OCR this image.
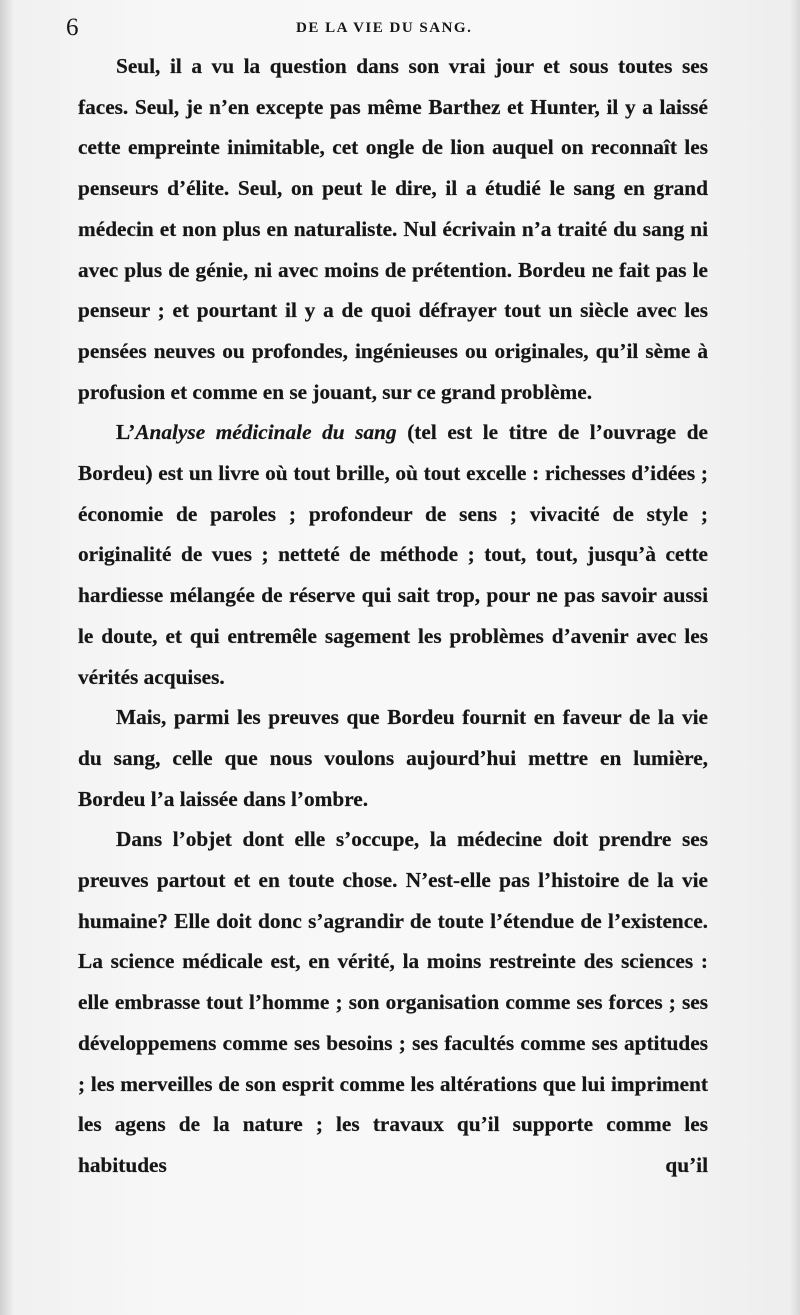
6	DE LA VIE DU SANG.

Seul, il a vu la question dans son vrai jour et sous toutes ses faces. Seul, je n’en excepte pas même Barthez et Hunter, il y a laissé cette empreinte inimitable, cet ongle de lion auquel on reconnaît les penseurs d’élite. Seul, on peut le dire, il a étudié le sang en grand médecin et non plus en naturaliste. Nul écrivain n’a traité du sang ni avec plus de génie, ni avec moins de prétention. Bordeu ne fait pas le penseur ; et pourtant il y a de quoi défrayer tout un siècle avec les pensées neuves ou profondes, ingénieuses ou originales, qu’il sème à profusion et comme en se jouant, sur ce grand problème.

L’Analyse médicinale du sang (tel est le titre de l’ouvrage de Bordeu) est un livre où tout brille, où tout excelle : richesses d’idées ; économie de paroles ; profondeur de sens ; vivacité de style ; originalité de vues ; netteté de méthode ; tout, tout, jusqu’à cette hardiesse mélangée de réserve qui sait trop, pour ne pas savoir aussi le doute, et qui entremêle sagement les problèmes d’avenir avec les vérités acquises.

Mais, parmi les preuves que Bordeu fournit en faveur de la vie du sang, celle que nous voulons aujourd’hui mettre en lumière, Bordeu l’a laissée dans l’ombre.

Dans l’objet dont elle s’occupe, la médecine doit prendre ses preuves partout et en toute chose. N’est-elle pas l’histoire de la vie humaine? Elle doit donc s’agrandir de toute l’étendue de l’existence. La science médicale est, en vérité, la moins restreinte des sciences : elle embrasse tout l’homme ; son organisation comme ses forces ; ses développemens comme ses besoins ; ses facultés comme ses aptitudes ; les merveilles de son esprit comme les altérations que lui impriment les agens de la nature ; les travaux qu’il supporte comme les habitudes qu’il
